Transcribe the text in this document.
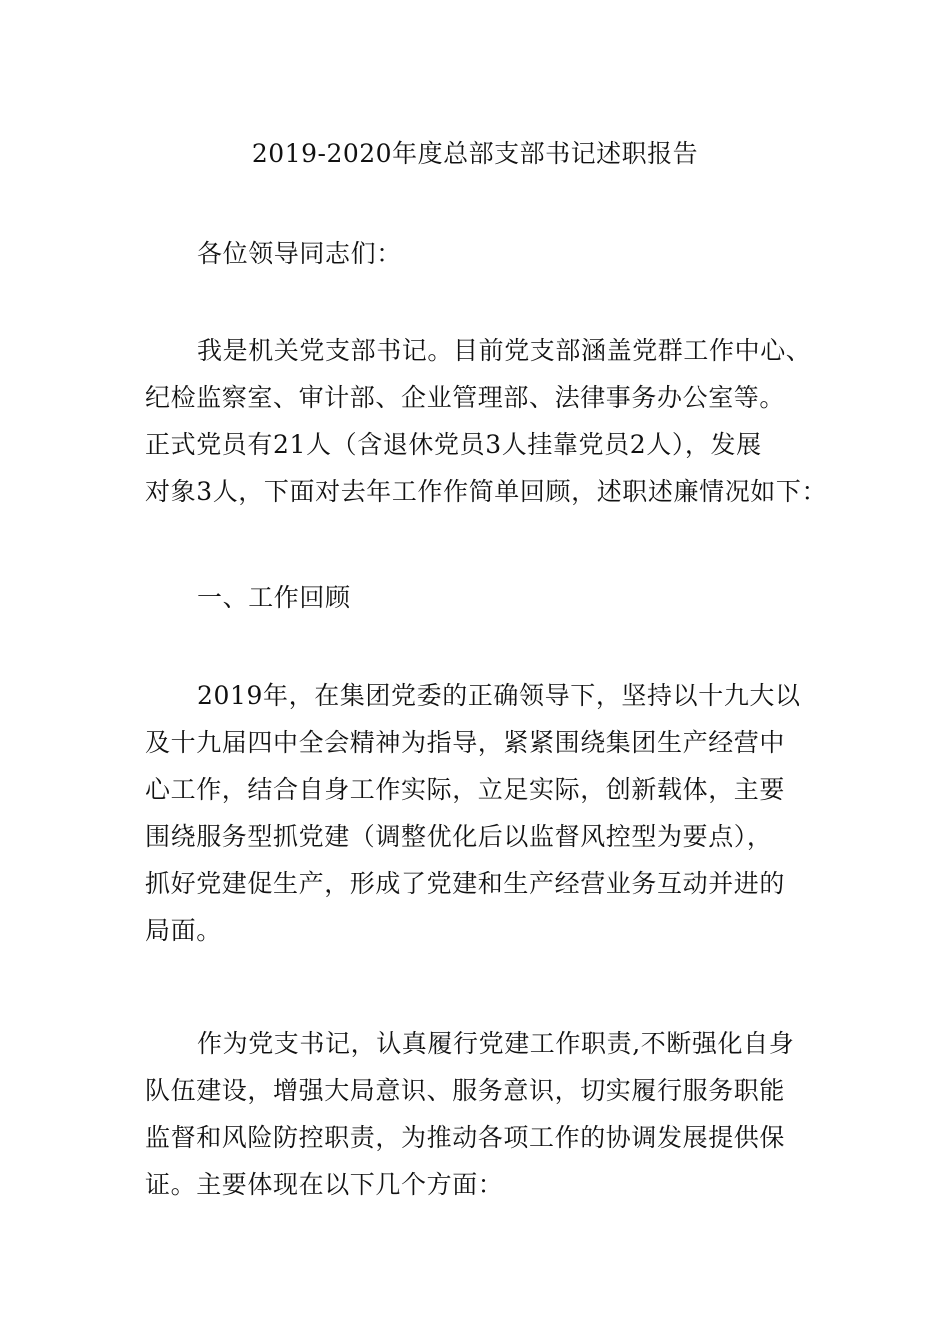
2019-2020年度总部支部书记述职报告

各位领导同志们：

我是机关党支部书记。目前党支部涵盖党群工作中心、
纪检监察室、审计部、企业管理部、法律事务办公室等。
正式党员有21人（含退休党员3人挂靠党员2人），发展
对象3人，下面对去年工作作简单回顾，述职述廉情况如下：

一、工作回顾

2019年，在集团党委的正确领导下，坚持以十九大以
及十九届四中全会精神为指导，紧紧围绕集团生产经营中
心工作，结合自身工作实际，立足实际，创新载体，主要
围绕服务型抓党建（调整优化后以监督风控型为要点），
抓好党建促生产，形成了党建和生产经营业务互动并进的
局面。

作为党支书记，认真履行党建工作职责,不断强化自身
队伍建设，增强大局意识、服务意识，切实履行服务职能
监督和风险防控职责，为推动各项工作的协调发展提供保
证。主要体现在以下几个方面：
